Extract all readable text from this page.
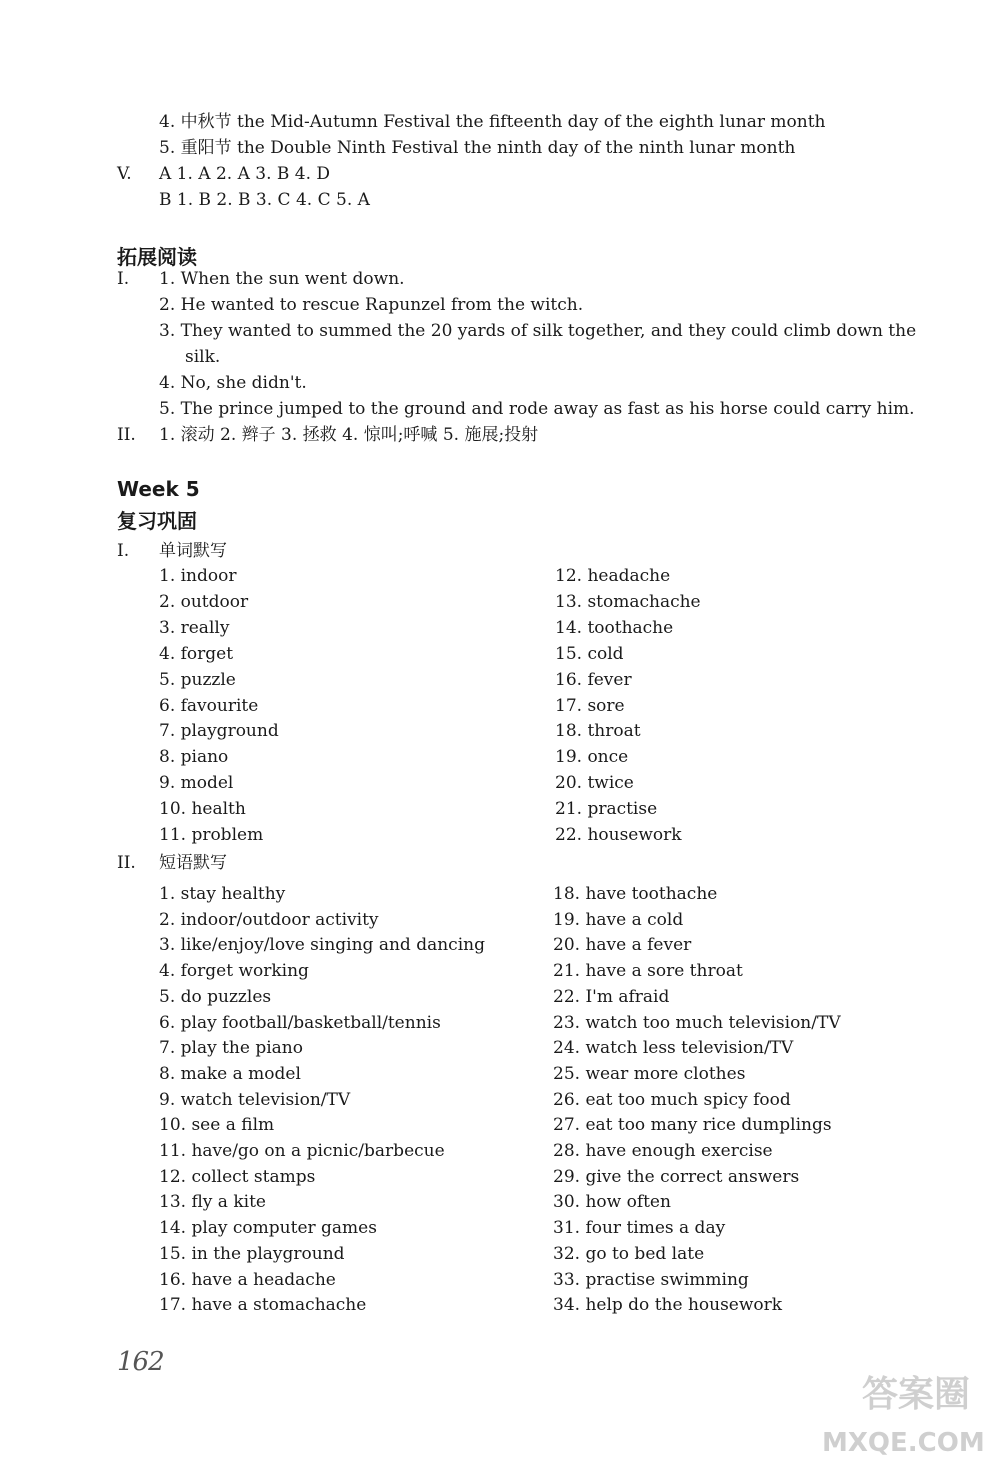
4. 中秋节 the Mid-Autumn Festival the fifteenth day of the eighth lunar month
5. 重阳节 the Double Ninth Festival the ninth day of the ninth lunar month
V. A 1. A 2. A 3. B 4. D
B 1. B 2. B 3. C 4. C 5. A
拓展阅读
I. 1. When the sun went down.
2. He wanted to rescue Rapunzel from the witch.
3. They wanted to summed the 20 yards of silk together, and they could climb down the
silk.
4. No, she didn't.
5. The prince jumped to the ground and rode away as fast as his horse could carry him.
II. 1. 滚动 2. 辫子 3. 拯救 4. 惊叫;呼喊 5. 施展;投射
Week 5
复习巩固
I. 单词默写
1. indoor
2. outdoor
3. really
4. forget
5. puzzle
6. favourite
7. playground
8. piano
9. model
10. health
11. problem
12. headache
13. stomachache
14. toothache
15. cold
16. fever
17. sore
18. throat
19. once
20. twice
21. practise
22. housework
II. 短语默写
1. stay healthy
2. indoor/outdoor activity
3. like/enjoy/love singing and dancing
4. forget working
5. do puzzles
6. play football/basketball/tennis
7. play the piano
8. make a model
9. watch television/TV
10. see a film
11. have/go on a picnic/barbecue
12. collect stamps
13. fly a kite
14. play computer games
15. in the playground
16. have a headache
17. have a stomachache
18. have toothache
19. have a cold
20. have a fever
21. have a sore throat
22. I'm afraid
23. watch too much television/TV
24. watch less television/TV
25. wear more clothes
26. eat too much spicy food
27. eat too many rice dumplings
28. have enough exercise
29. give the correct answers
30. how often
31. four times a day
32. go to bed late
33. practise swimming
34. help do the housework
162
答案圈
MXQE.COM
